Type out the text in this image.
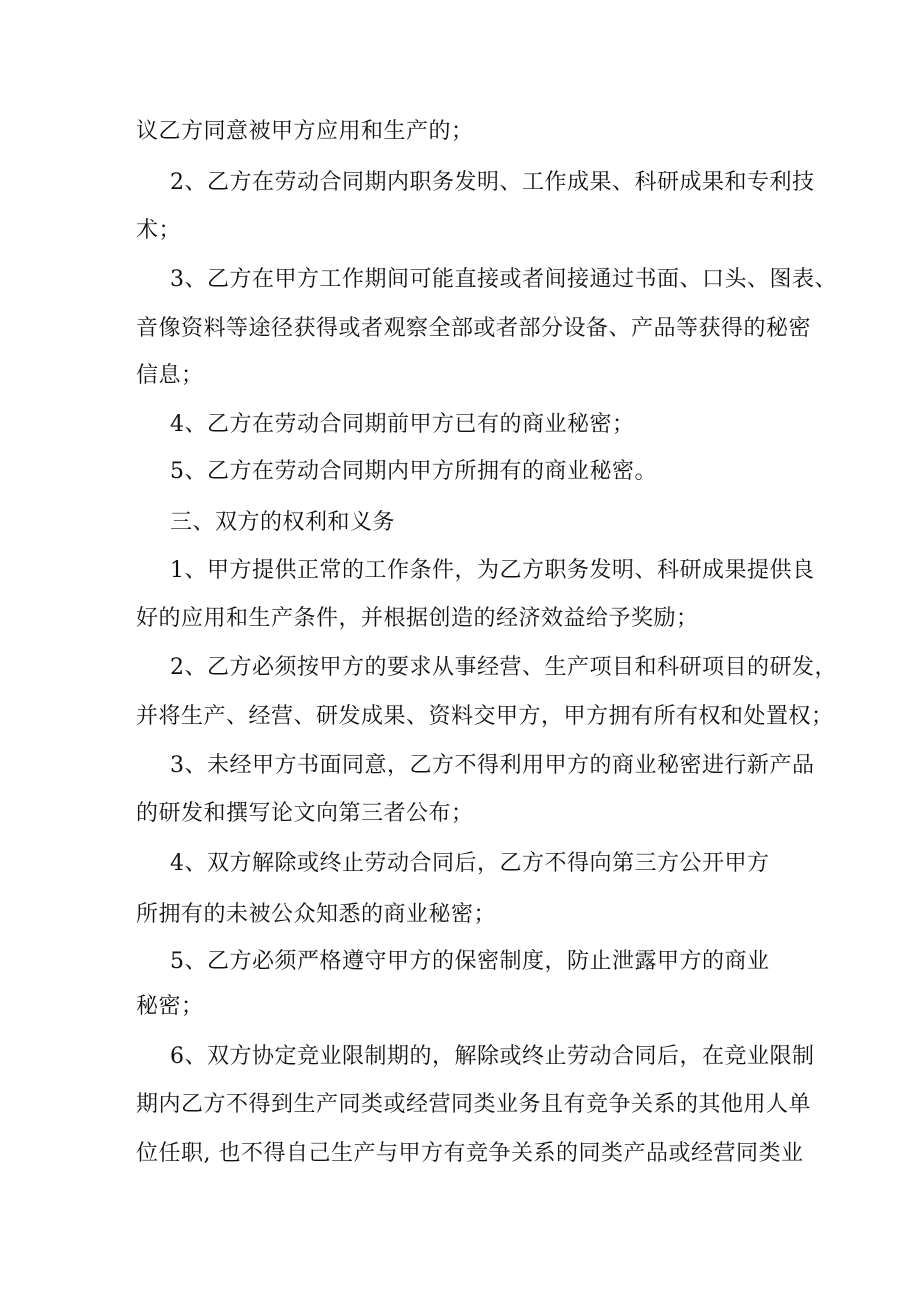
议乙方同意被甲方应用和生产的；
2、乙方在劳动合同期内职务发明、工作成果、科研成果和专利技
术；
3、乙方在甲方工作期间可能直接或者间接通过书面、口头、图表、
音像资料等途径获得或者观察全部或者部分设备、产品等获得的秘密
信息；
4、乙方在劳动合同期前甲方已有的商业秘密；
5、乙方在劳动合同期内甲方所拥有的商业秘密。
三、双方的权利和义务
1、甲方提供正常的工作条件，为乙方职务发明、科研成果提供良
好的应用和生产条件，并根据创造的经济效益给予奖励；
2、乙方必须按甲方的要求从事经营、生产项目和科研项目的研发，
并将生产、经营、研发成果、资料交甲方，甲方拥有所有权和处置权；
3、未经甲方书面同意，乙方不得利用甲方的商业秘密进行新产品
的研发和撰写论文向第三者公布；
4、双方解除或终止劳动合同后，乙方不得向第三方公开甲方
所拥有的未被公众知悉的商业秘密；
5、乙方必须严格遵守甲方的保密制度，防止泄露甲方的商业
秘密；
6、双方协定竞业限制期的，解除或终止劳动合同后，在竞业限制
期内乙方不得到生产同类或经营同类业务且有竞争关系的其他用人单
位任职, 也不得自己生产与甲方有竞争关系的同类产品或经营同类业
